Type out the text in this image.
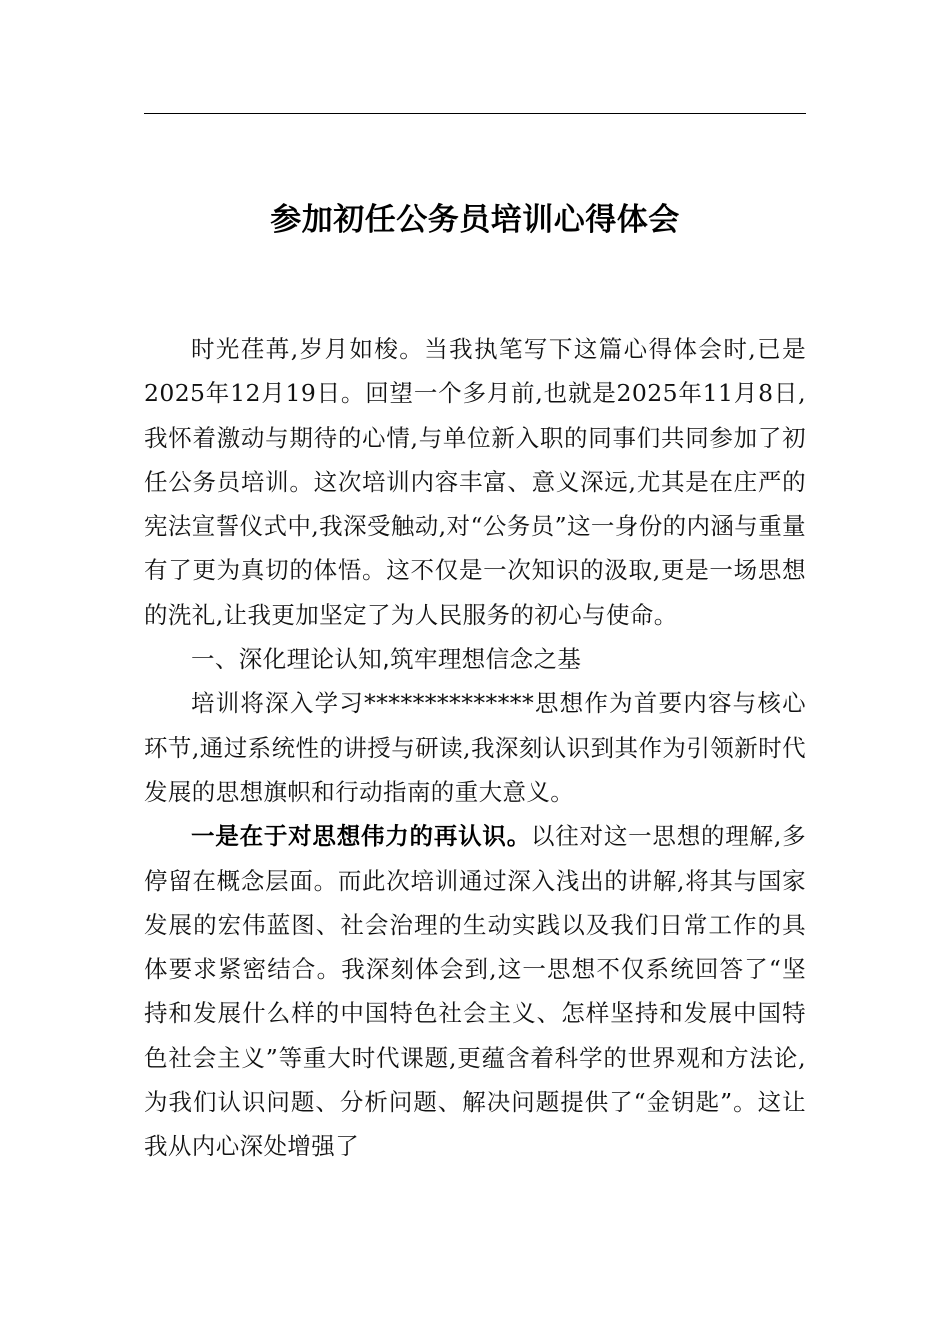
参加初任公务员培训心得体会

时光荏苒,岁月如梭。当我执笔写下这篇心得体会时,已是2025年12月19日。回望一个多月前,也就是2025年11月8日,我怀着激动与期待的心情,与单位新入职的同事们共同参加了初任公务员培训。这次培训内容丰富、意义深远,尤其是在庄严的宪法宣誓仪式中,我深受触动,对“公务员”这一身份的内涵与重量有了更为真切的体悟。这不仅是一次知识的汲取,更是一场思想的洗礼,让我更加坚定了为人民服务的初心与使命。

一、深化理论认知,筑牢理想信念之基

培训将深入学习**************思想作为首要内容与核心环节,通过系统性的讲授与研读,我深刻认识到其作为引领新时代发展的思想旗帜和行动指南的重大意义。

一是在于对思想伟力的再认识。以往对这一思想的理解,多停留在概念层面。而此次培训通过深入浅出的讲解,将其与国家发展的宏伟蓝图、社会治理的生动实践以及我们日常工作的具体要求紧密结合。我深刻体会到,这一思想不仅系统回答了“坚持和发展什么样的中国特色社会主义、怎样坚持和发展中国特色社会主义”等重大时代课题,更蕴含着科学的世界观和方法论,为我们认识问题、分析问题、解决问题提供了“金钥匙”。这让我从内心深处增强了
